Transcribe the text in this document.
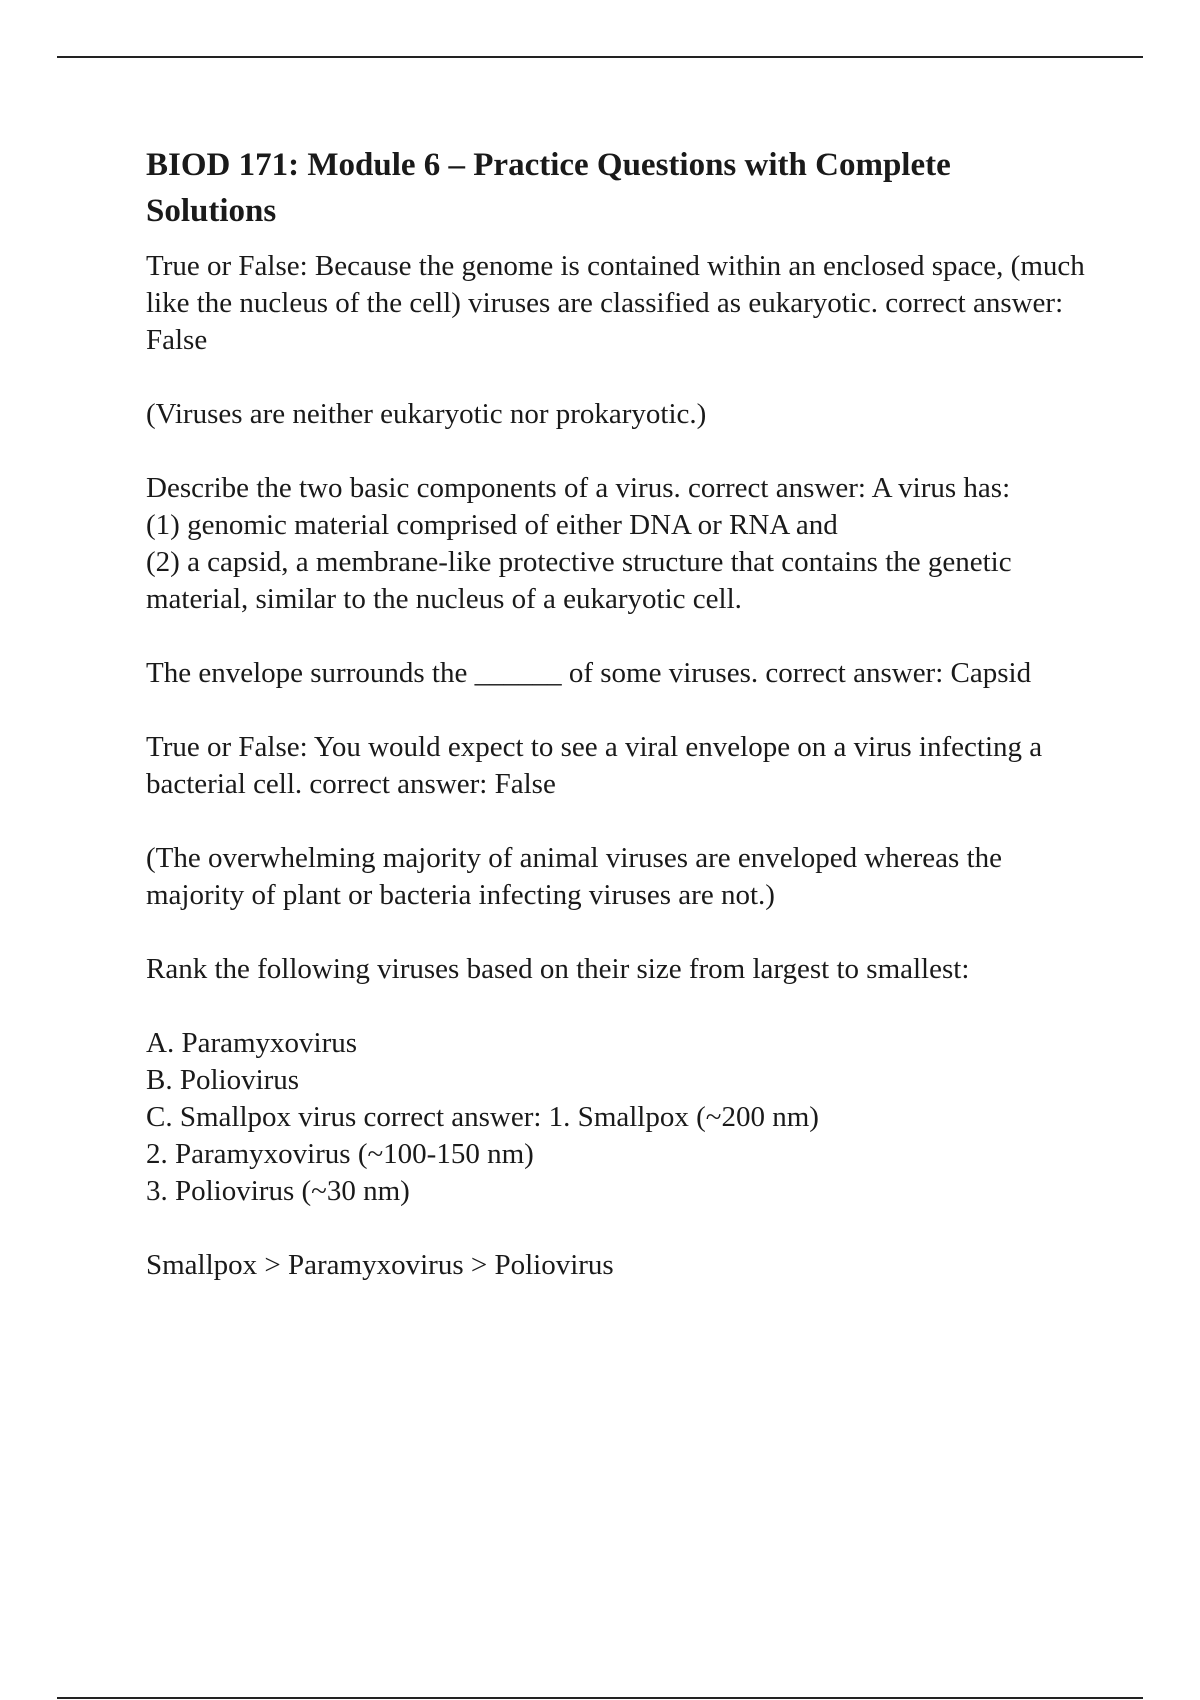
BIOD 171: Module 6 – Practice Questions with Complete Solutions

True or False: Because the genome is contained within an enclosed space, (much like the nucleus of the cell) viruses are classified as eukaryotic. correct answer: False

(Viruses are neither eukaryotic nor prokaryotic.)

Describe the two basic components of a virus. correct answer: A virus has:
(1) genomic material comprised of either DNA or RNA and
(2) a capsid, a membrane-like protective structure that contains the genetic material, similar to the nucleus of a eukaryotic cell.

The envelope surrounds the ______ of some viruses. correct answer: Capsid

True or False: You would expect to see a viral envelope on a virus infecting a bacterial cell. correct answer: False

(The overwhelming majority of animal viruses are enveloped whereas the majority of plant or bacteria infecting viruses are not.)

Rank the following viruses based on their size from largest to smallest:

A. Paramyxovirus
B. Poliovirus
C. Smallpox virus correct answer: 1. Smallpox (~200 nm)
2. Paramyxovirus (~100-150 nm)
3. Poliovirus (~30 nm)

Smallpox > Paramyxovirus > Poliovirus
